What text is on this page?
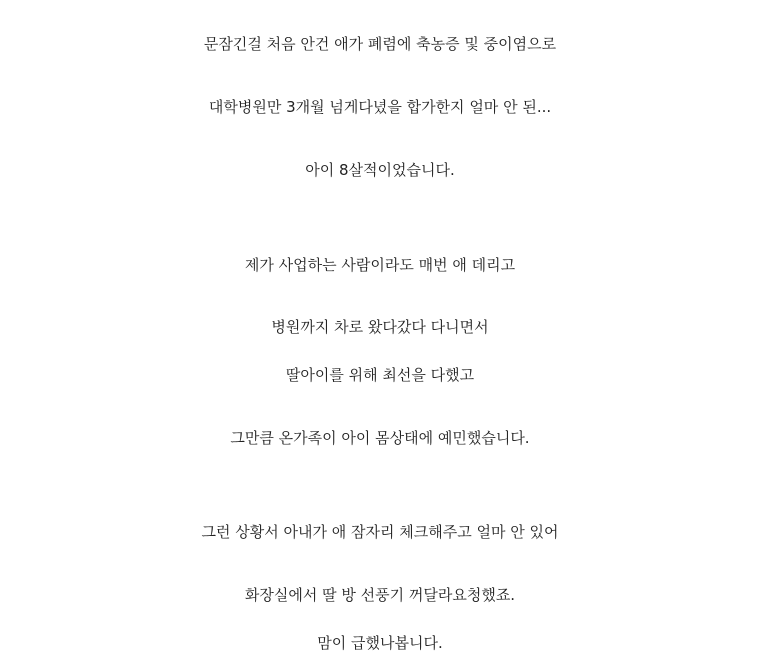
문잠긴걸 처음 안건 애가 폐렴에 축농증 및 중이염으로
대학병원만 3개월 넘게다녔을 합가한지 얼마 안 된...
아이 8살적이었습니다.
제가 사업하는 사람이라도 매번 애 데리고
병원까지 차로 왔다갔다 다니면서
딸아이를 위해 최선을 다했고
그만큼 온가족이 아이 몸상태에 예민했습니다.
그런 상황서 아내가 애 잠자리 체크해주고 얼마 안 있어
화장실에서 딸 방 선풍기 꺼달라요청했죠.
맘이 급했나봅니다.
